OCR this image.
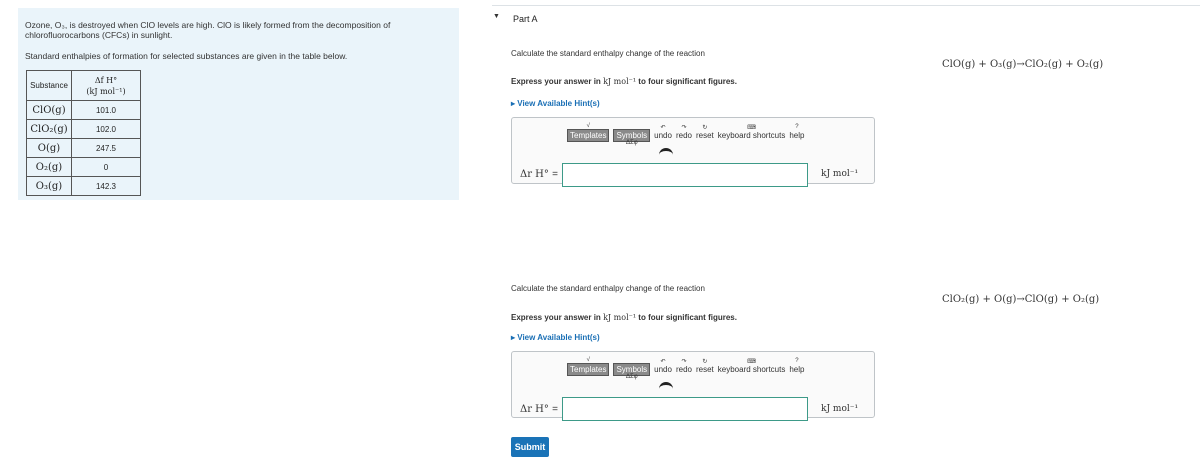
Ozone, O₃, is destroyed when ClO levels are high. ClO is likely formed from the decomposition of chlorofluorocarbons (CFCs) in sunlight.
Standard enthalpies of formation for selected substances are given in the table below.
Substance	Δf H°
(kJ mol⁻¹)

ClO(g)	101.0
ClO₂(g)	102.0
O(g)	247.5
O₂(g)	0
O₃(g)	142.3
▼ Part A
Calculate the standard enthalpy change of the reaction
ClO(g) + O₃(g)→ClO₂(g) + O₂(g)
Express your answer in kJ mol⁻¹ to four significant figures.
▸ View Available Hint(s)
√
Templates
ΔΣφ
Symbols
↶
undo
↷
redo
↻
reset
⌨
keyboard shortcuts
?
help
Δr H° =	kJ mol⁻¹
Calculate the standard enthalpy change of the reaction
ClO₂(g) + O(g)→ClO(g) + O₂(g)
Express your answer in kJ mol⁻¹ to four significant figures.
▸ View Available Hint(s)
√
Templates
ΔΣφ
Symbols
↶
undo
↷
redo
↻
reset
⌨
keyboard shortcuts
?
help
Δr H° =	kJ mol⁻¹
Submit
